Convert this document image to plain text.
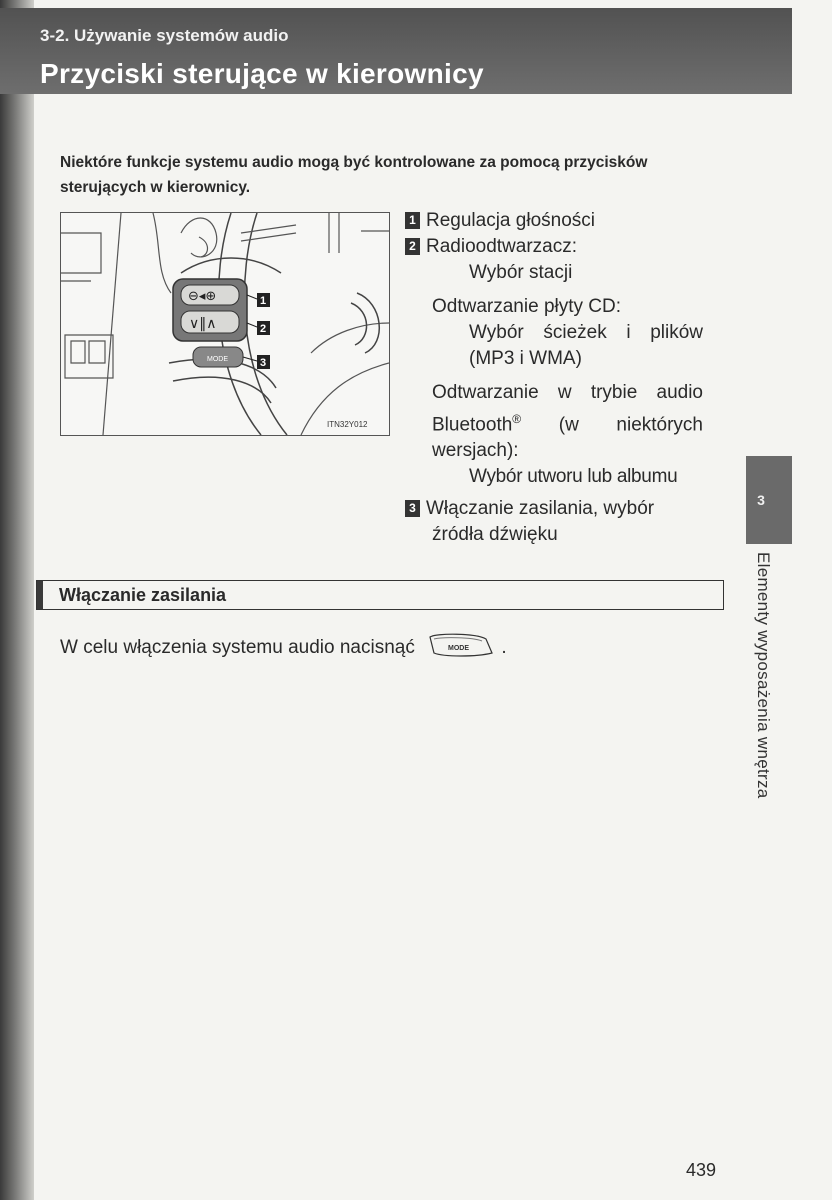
3-2. Używanie systemów audio
Przyciski sterujące w kierownicy
Niektóre funkcje systemu audio mogą być kontrolowane za pomocą przycisków sterujących w kierownicy.
⊖◂⊕
∨‖∧
MODE
1
2
3
ITN32Y012
1 Regulacja głośności
2 Radioodtwarzacz:
Wybór stacji
Odtwarzanie płyty CD:
Wybór ścieżek i plików
(MP3 i WMA)
Odtwarzanie w trybie audio
Bluetooth® (w niektórych
wersjach):
Wybór utworu lub albumu
3 Włączanie zasilania, wybór
źródła dźwięku
Włączanie zasilania
W celu włączenia systemu audio nacisnąć	MODE .
3
Elementy wyposażenia wnętrza
439
